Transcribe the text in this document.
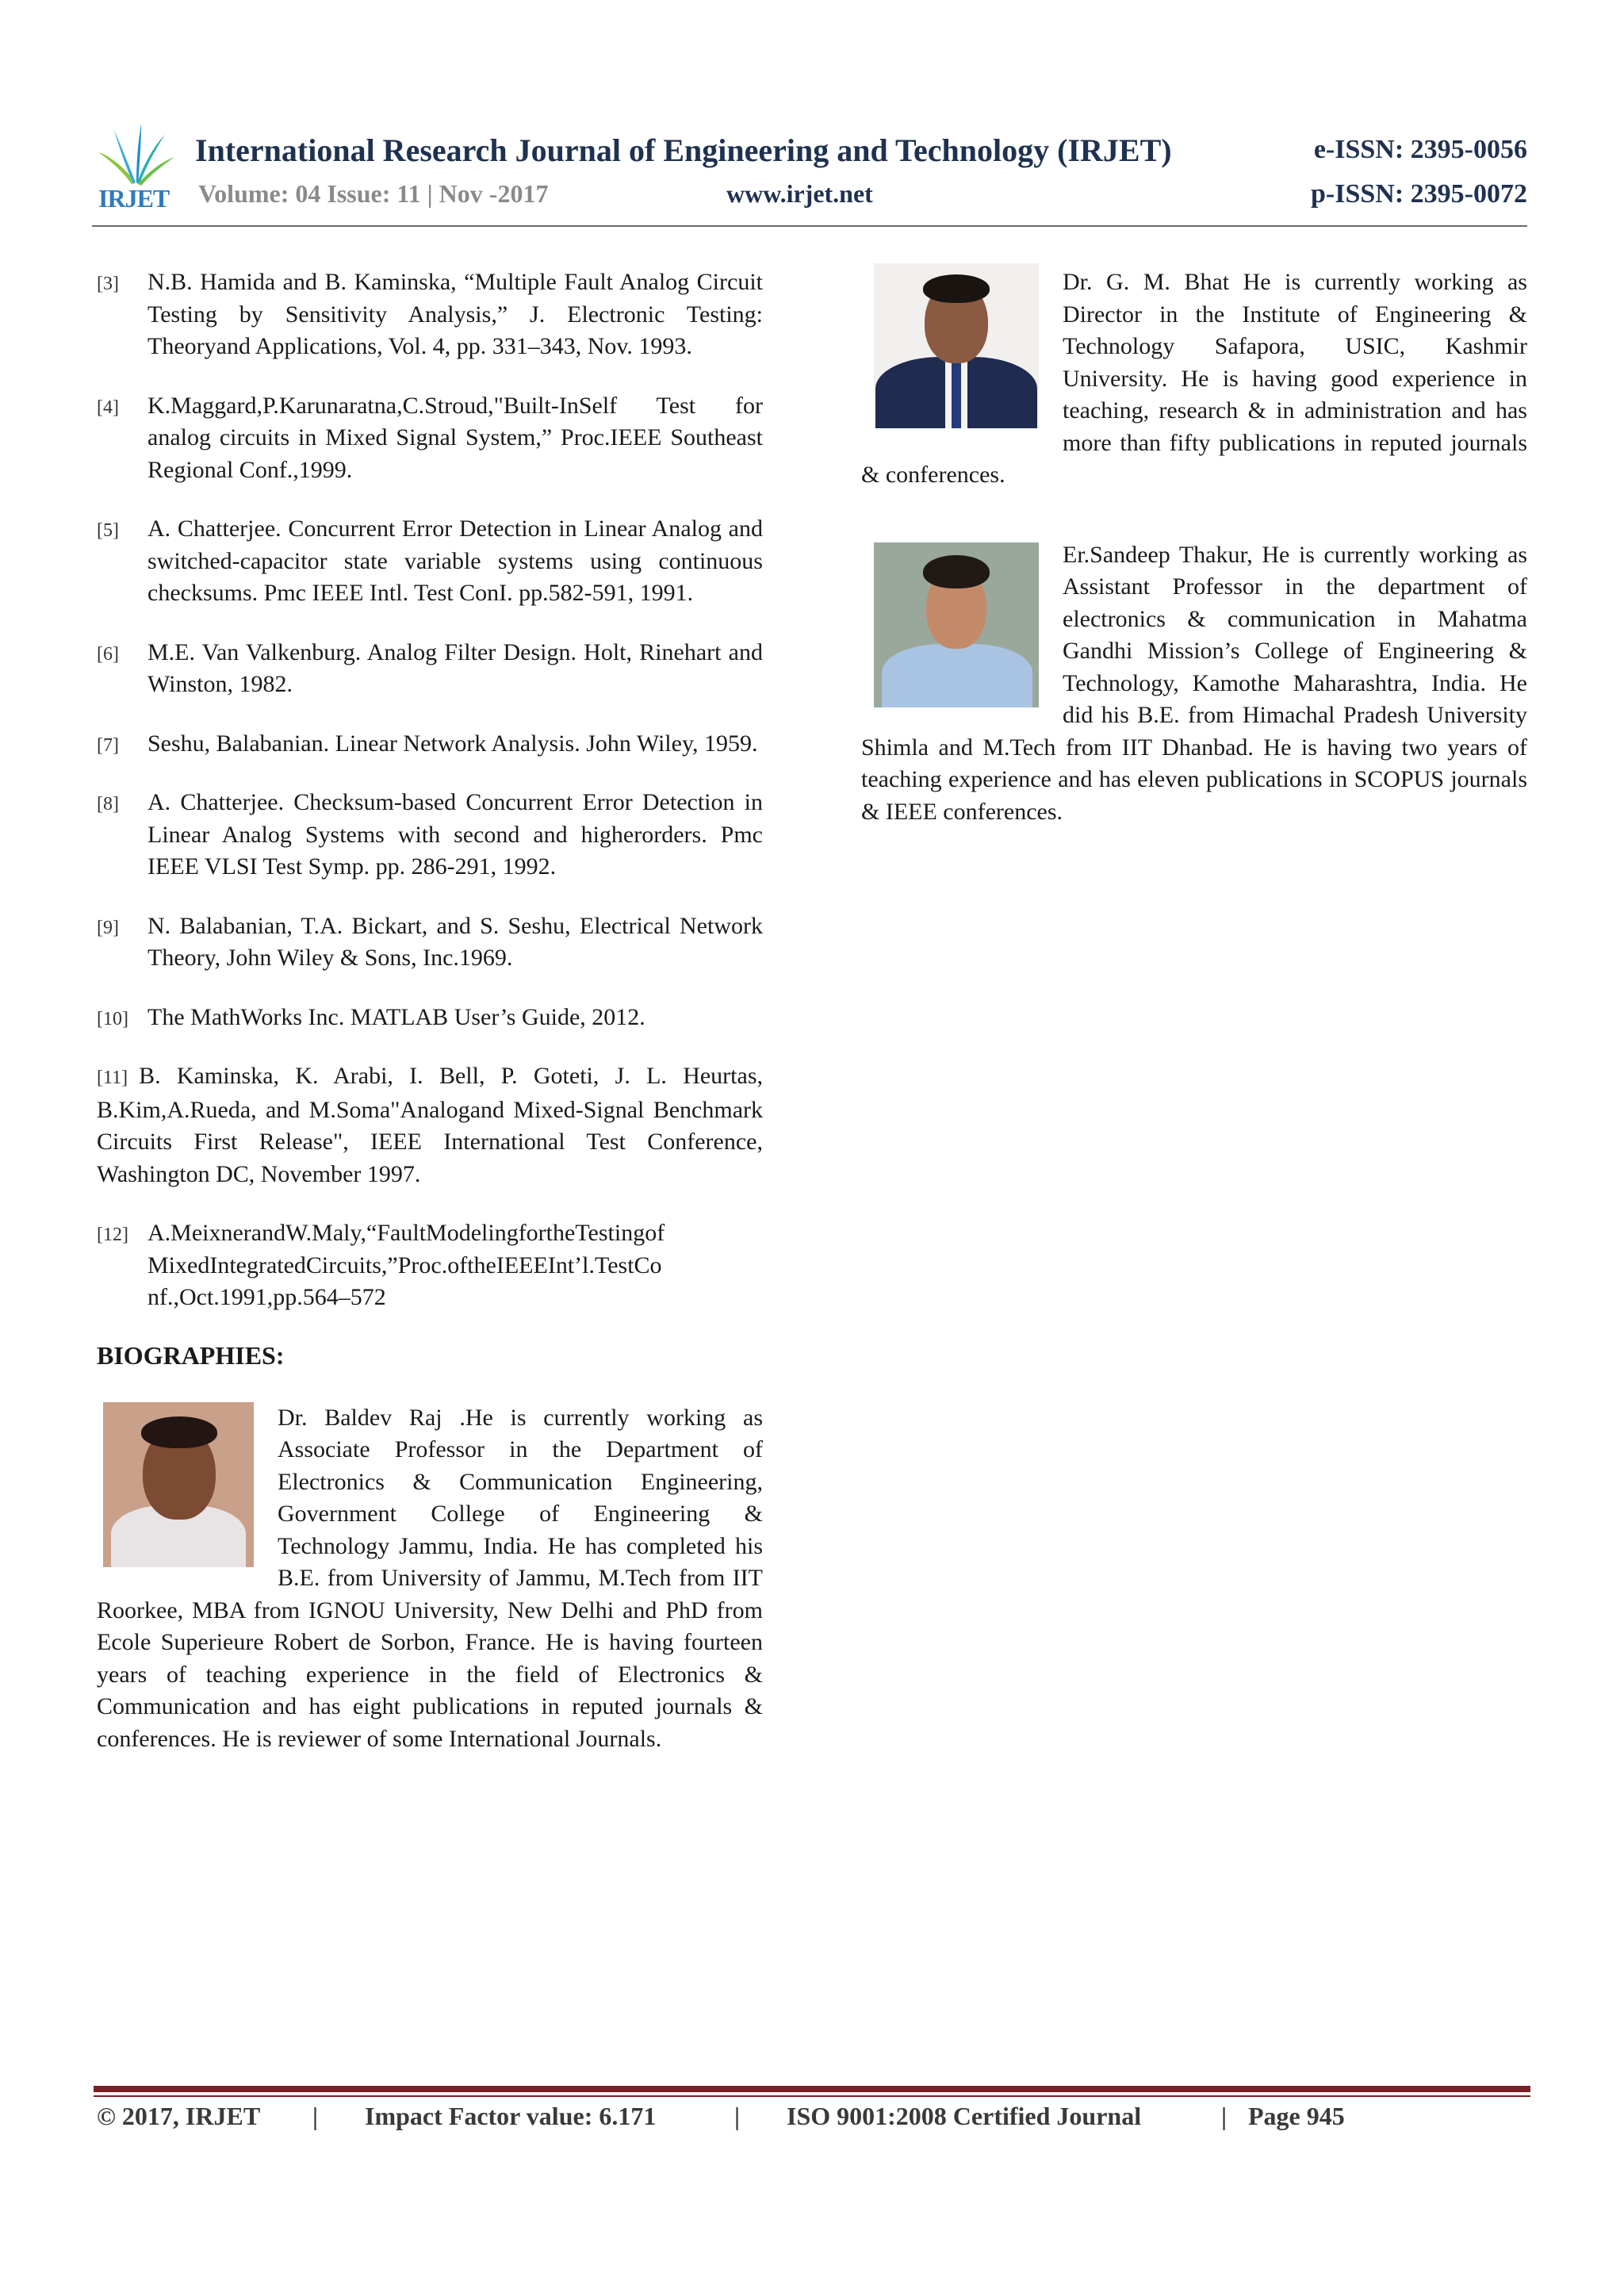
IRJET
International Research Journal of Engineering and Technology (IRJET)	e-ISSN: 2395-0056
Volume: 04 Issue: 11 | Nov -2017	www.irjet.net	p-ISSN: 2395-0072
[3] N.B. Hamida and B. Kaminska, “Multiple Fault Analog Circuit Testing by Sensitivity Analysis,” J. Electronic Testing: Theoryand Applications, Vol. 4, pp. 331–343, Nov. 1993.
[4] K.Maggard,P.Karunaratna,C.Stroud,"Built-InSelf Test for analog circuits in Mixed Signal System,” Proc.IEEE Southeast Regional Conf.,1999.
[5] A. Chatterjee. Concurrent Error Detection in Linear Analog and switched-capacitor state variable systems using continuous checksums. Pmc IEEE Intl. Test ConI. pp.582-591, 1991.
[6] M.E. Van Valkenburg. Analog Filter Design. Holt, Rinehart and Winston, 1982.
[7] Seshu, Balabanian. Linear Network Analysis. John Wiley, 1959.
[8] A. Chatterjee. Checksum-based Concurrent Error Detection in Linear Analog Systems with second and higherorders. Pmc IEEE VLSI Test Symp. pp. 286-291, 1992.
[9] N. Balabanian, T.A. Bickart, and S. Seshu, Electrical Network Theory, John Wiley & Sons, Inc.1969.
[10] The MathWorks Inc. MATLAB User’s Guide, 2012.
[11] B. Kaminska, K. Arabi, I. Bell, P. Goteti, J. L. Heurtas, B.Kim,A.Rueda, and M.Soma"Analogand Mixed-Signal Benchmark Circuits First Release", IEEE International Test Conference, Washington DC, November 1997.
[12] A.MeixnerandW.Maly,“FaultModelingfortheTestingof MixedIntegratedCircuits,”Proc.oftheIEEEInt’l.TestCo nf.,Oct.1991,pp.564–572
BIOGRAPHIES:
Dr. Baldev Raj .He is currently working as Associate Professor in the Department of Electronics & Communication Engineering, Government College of Engineering & Technology Jammu, India. He has completed his B.E. from University of Jammu, M.Tech from IIT Roorkee, MBA from IGNOU University, New Delhi and PhD from Ecole Superieure Robert de Sorbon, France. He is having fourteen years of teaching experience in the field of Electronics & Communication and has eight publications in reputed journals & conferences. He is reviewer of some International Journals.
Dr. G. M. Bhat He is currently working as Director in the Institute of Engineering & Technology Safapora, USIC, Kashmir University. He is having good experience in teaching, research & in administration and has more than fifty publications in reputed journals & conferences.
Er.Sandeep Thakur, He is currently working as Assistant Professor in the department of electronics & communication in Mahatma Gandhi Mission’s College of Engineering & Technology, Kamothe Maharashtra, India. He did his B.E. from Himachal Pradesh University Shimla and M.Tech from IIT Dhanbad. He is having two years of teaching experience and has eleven publications in SCOPUS journals & IEEE conferences.
© 2017, IRJET | Impact Factor value: 6.171	| ISO 9001:2008 Certified Journal	| Page 945
